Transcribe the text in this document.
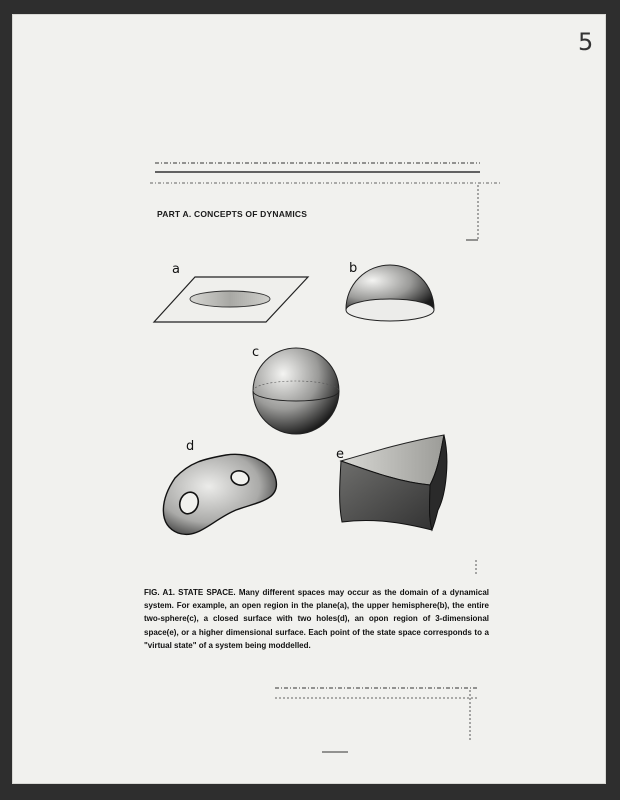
5
PART A. CONCEPTS OF DYNAMICS
a	b
c
d
e
FIG. A1. STATE SPACE. Many different spaces may occur as the domain of a dynamical system. For example, an open region in the plane(a), the upper hemisphere(b), the entire two-sphere(c), a closed surface with two holes(d), an opon region of 3-dimensional space(e), or a higher dimensional surface. Each point of the state space corresponds to a "virtual state" of a system being moddelled.
